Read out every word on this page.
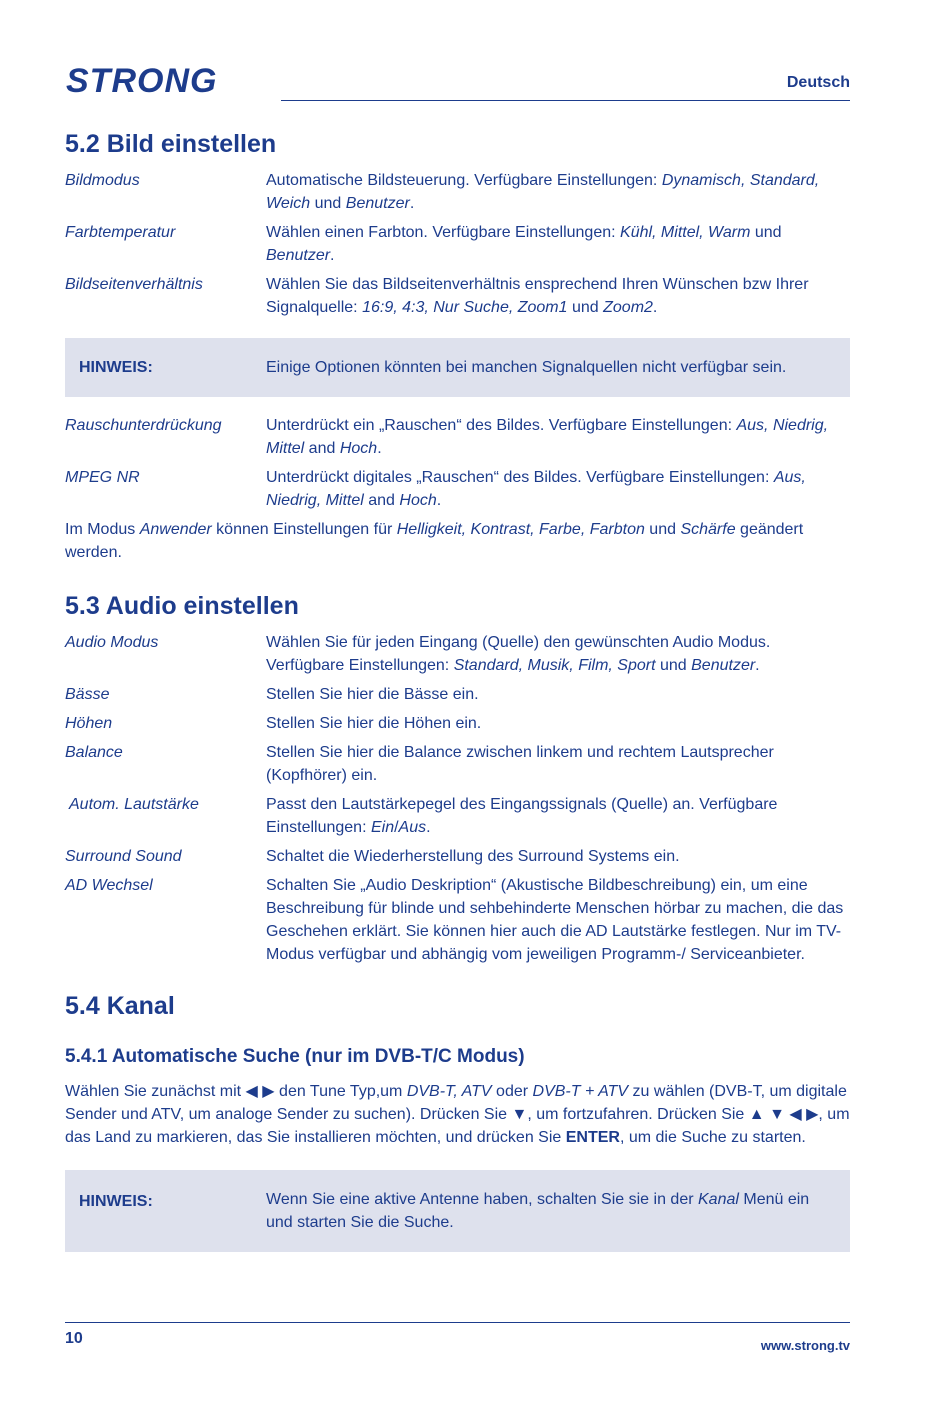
STRONG	Deutsch
5.2 Bild einstellen
Bildmodus	Automatische Bildsteuerung. Verfügbare Einstellungen: Dynamisch, Standard, Weich und Benutzer.
Farbtemperatur	Wählen einen Farbton. Verfügbare Einstellungen: Kühl, Mittel, Warm und Benutzer.
Bildseitenverhältnis	Wählen Sie das Bildseitenverhältnis ensprechend Ihren Wünschen bzw Ihrer Signalquelle: 16:9, 4:3, Nur Suche, Zoom1 und Zoom2.
HINWEIS:	Einige Optionen könnten bei manchen Signalquellen nicht verfügbar sein.
Rauschunterdrückung	Unterdrückt ein „Rauschen“ des Bildes. Verfügbare Einstellungen: Aus, Niedrig, Mittel and Hoch.
MPEG NR	Unterdrückt digitales „Rauschen“ des Bildes. Verfügbare Einstellungen: Aus, Niedrig, Mittel and Hoch.

Im Modus Anwender können Einstellungen für Helligkeit, Kontrast, Farbe, Farbton und Schärfe geändert werden.

5.3 Audio einstellen
Audio Modus	Wählen Sie für jeden Eingang (Quelle) den gewünschten Audio Modus. Verfügbare Einstellungen: Standard, Musik, Film, Sport und Benutzer.
Bässe	Stellen Sie hier die Bässe ein.
Höhen	Stellen Sie hier die Höhen ein.
Balance	Stellen Sie hier die Balance zwischen linkem und rechtem Lautsprecher (Kopfhörer) ein.
Autom. Lautstärke	Passt den Lautstärkepegel des Eingangssignals (Quelle) an. Verfügbare Einstellungen: Ein/Aus.
Surround Sound	Schaltet die Wiederherstellung des Surround Systems ein.
AD Wechsel	Schalten Sie „Audio Deskription“ (Akustische Bildbeschreibung) ein, um eine Beschreibung für blinde und sehbehinderte Menschen hörbar zu machen, die das Geschehen erklärt. Sie können hier auch die AD Lautstärke festlegen. Nur im TV-Modus verfügbar und abhängig vom jeweiligen Programm-/ Serviceanbieter.
5.4 Kanal
5.4.1 Automatische Suche (nur im DVB-T/C Modus)

Wählen Sie zunächst mit ◀ ▶ den Tune Typ,um DVB-T, ATV oder DVB-T + ATV zu wählen (DVB-T, um digitale Sender und ATV, um analoge Sender zu suchen). Drücken Sie ▼, um fortzufahren. Drücken Sie ▲ ▼ ◀ ▶, um das Land zu markieren, das Sie installieren möchten, und drücken Sie ENTER, um die Suche zu starten.

HINWEIS:	Wenn Sie eine aktive Antenne haben, schalten Sie sie in der Kanal Menü ein und starten Sie die Suche.
10	www.strong.tv
